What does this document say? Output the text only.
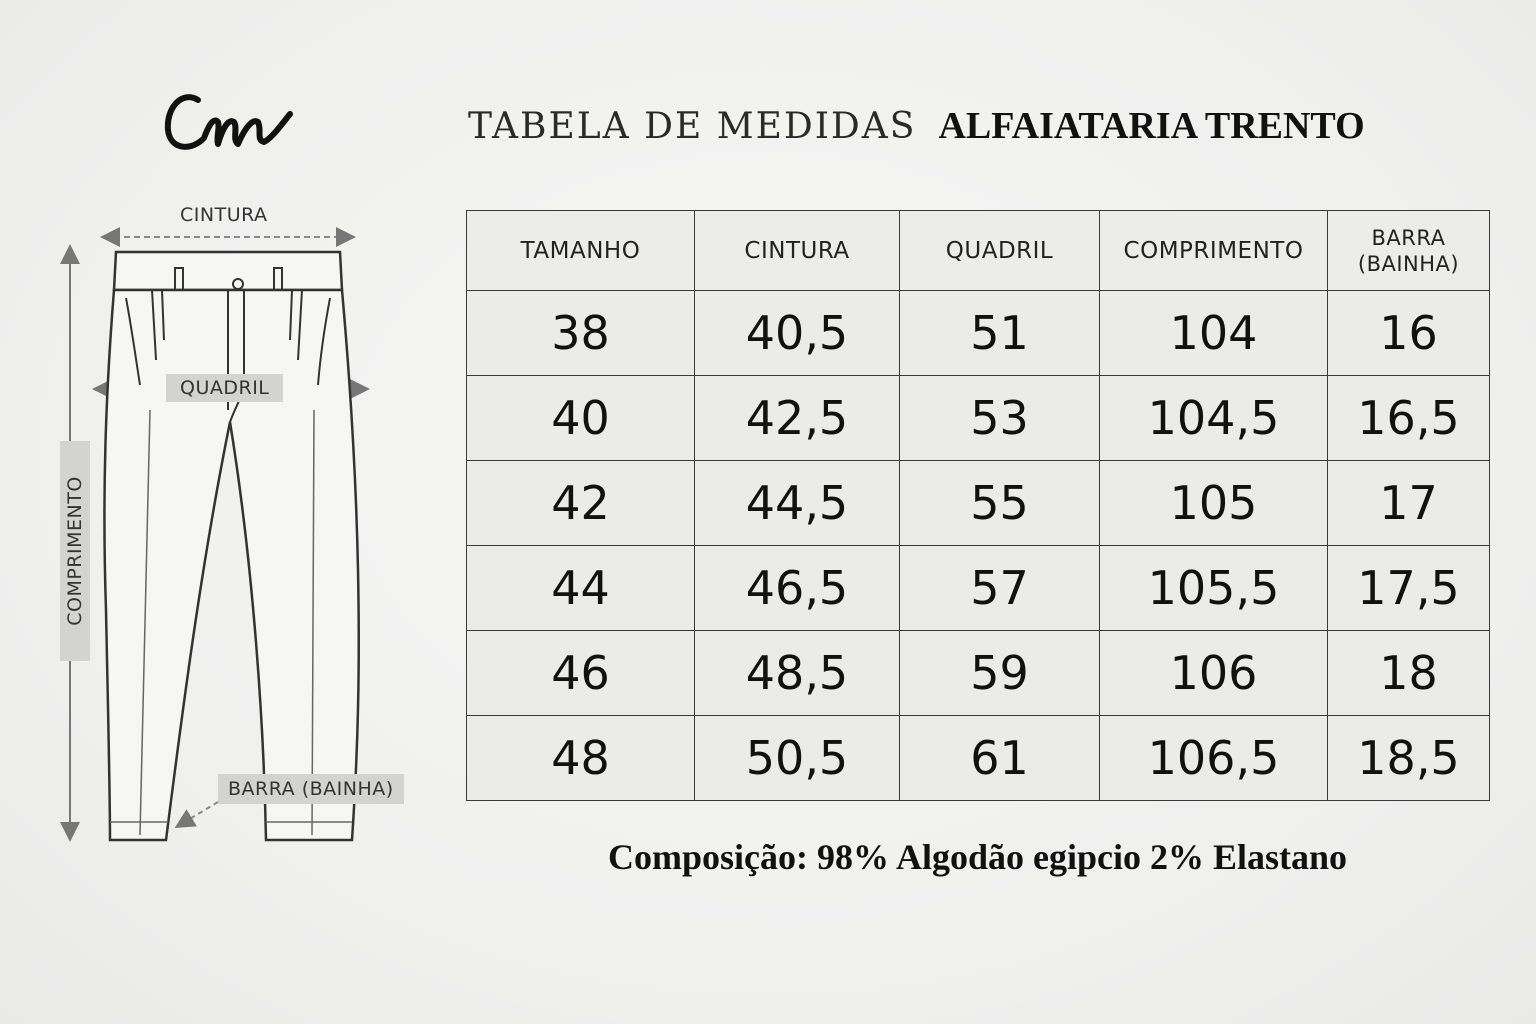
TABELA DE MEDIDAS ALFAIATARIA TRENTO
CINTURA
QUADRIL
COMPRIMENTO
BARRA (BAINHA)
TAMANHO	CINTURA	QUADRIL	COMPRIMENTO	BARRA
(BAINHA)
38	40,5	51	104	16
40	42,5	53	104,5	16,5
42	44,5	55	105	17
44	46,5	57	105,5	17,5
46	48,5	59	106	18
48	50,5	61	106,5	18,5
Composição: 98% Algodão egipcio 2% Elastano
